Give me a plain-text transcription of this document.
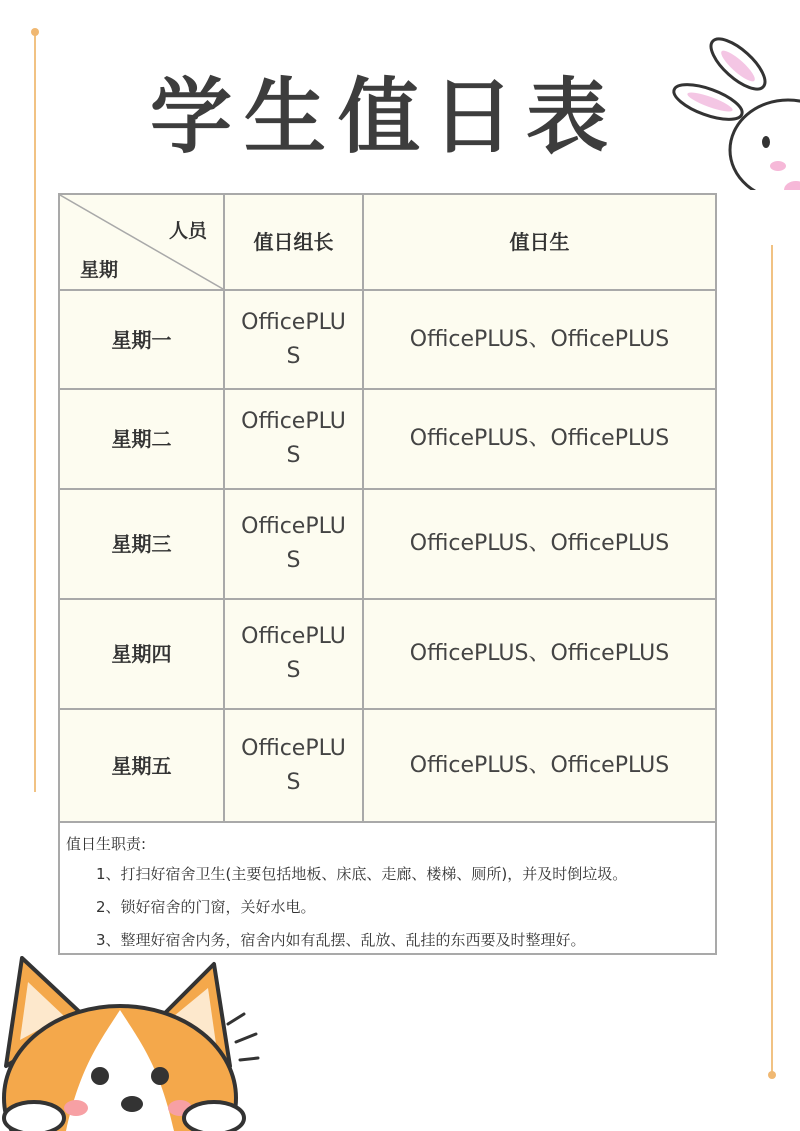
学生值日表
人员
星期
值日组长	值日生
星期一
OfficePLUS
OfficePLUS、OfficePLUS
星期二
OfficePLUS
OfficePLUS、OfficePLUS
星期三
OfficePLUS
OfficePLUS、OfficePLUS
星期四
OfficePLUS
OfficePLUS、OfficePLUS
星期五
OfficePLUS
OfficePLUS、OfficePLUS
值日生职责:
1、打扫好宿舍卫生(主要包括地板、床底、走廊、楼梯、厕所)，并及时倒垃圾。
2、锁好宿舍的门窗，关好水电。
3、整理好宿舍内务，宿舍内如有乱摆、乱放、乱挂的东西要及时整理好。
